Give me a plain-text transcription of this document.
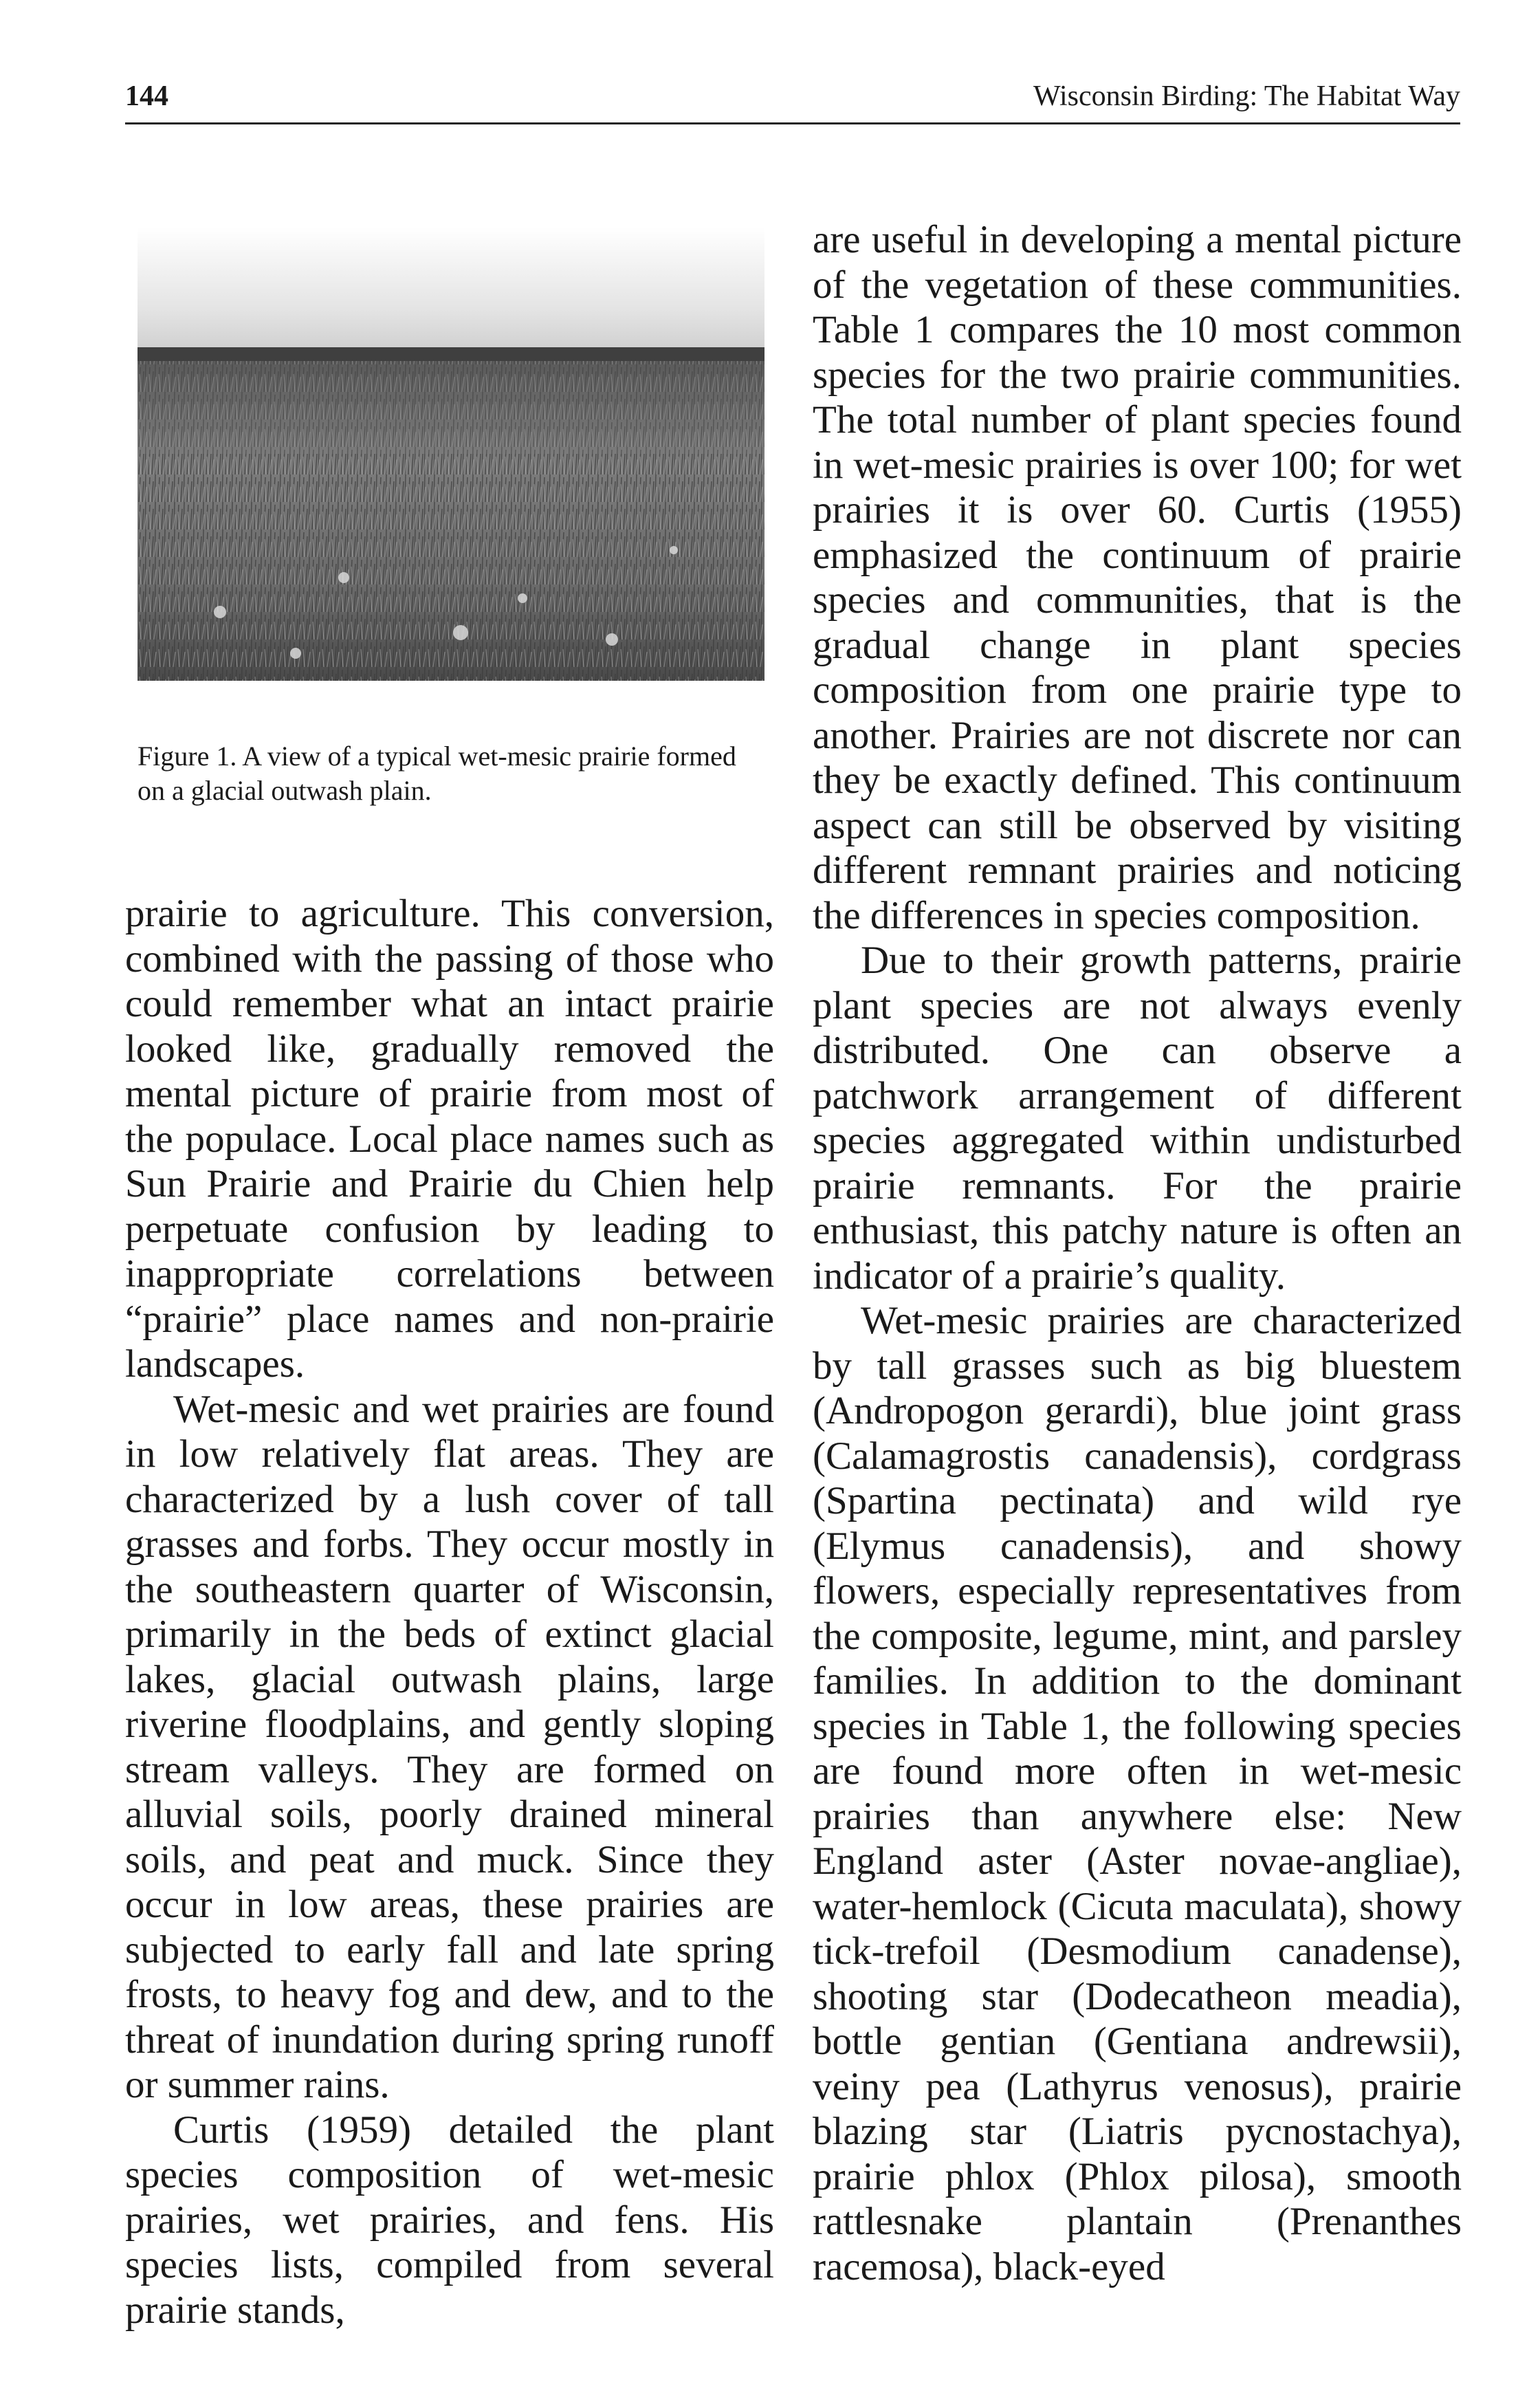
144	Wisconsin Birding: The Habitat Way
Figure 1. A view of a typical wet-mesic prairie formed on a glacial outwash plain.

prairie to agriculture. This conversion, combined with the passing of those who could remember what an intact prairie looked like, gradually removed the mental picture of prairie from most of the populace. Local place names such as Sun Prairie and Prairie du Chien help perpetuate confusion by leading to inappropriate correlations between “prairie” place names and non-prairie landscapes.

Wet-mesic and wet prairies are found in low relatively flat areas. They are characterized by a lush cover of tall grasses and forbs. They occur mostly in the southeastern quarter of Wisconsin, primarily in the beds of extinct glacial lakes, glacial outwash plains, large riverine floodplains, and gently sloping stream valleys. They are formed on alluvial soils, poorly drained mineral soils, and peat and muck. Since they occur in low areas, these prairies are subjected to early fall and late spring frosts, to heavy fog and dew, and to the threat of inundation during spring runoff or summer rains.

Curtis (1959) detailed the plant species composition of wet-mesic prairies, wet prairies, and fens. His species lists, compiled from several prairie stands,

are useful in developing a mental picture of the vegetation of these communities. Table 1 compares the 10 most common species for the two prairie communities. The total number of plant species found in wet-mesic prairies is over 100; for wet prairies it is over 60. Curtis (1955) emphasized the continuum of prairie species and communities, that is the gradual change in plant species composition from one prairie type to another. Prairies are not discrete nor can they be exactly defined. This continuum aspect can still be observed by visiting different remnant prairies and noticing the differences in species composition.

Due to their growth patterns, prairie plant species are not always evenly distributed. One can observe a patchwork arrangement of different species aggregated within undisturbed prairie remnants. For the prairie enthusiast, this patchy nature is often an indicator of a prairie’s quality.

Wet-mesic prairies are characterized by tall grasses such as big bluestem (Andropogon gerardi), blue joint grass (Calamagrostis canadensis), cordgrass (Spartina pectinata) and wild rye (Elymus canadensis), and showy flowers, especially representatives from the composite, legume, mint, and parsley families. In addition to the dominant species in Table 1, the following species are found more often in wet-mesic prairies than anywhere else: New England aster (Aster novae-angliae), water-hemlock (Cicuta maculata), showy tick-trefoil (Desmodium canadense), shooting star (Dodecatheon meadia), bottle gentian (Gentiana andrewsii), veiny pea (Lathyrus venosus), prairie blazing star (Liatris pycnostachya), prairie phlox (Phlox pilosa), smooth rattlesnake plantain (Prenanthes racemosa), black-eyed
